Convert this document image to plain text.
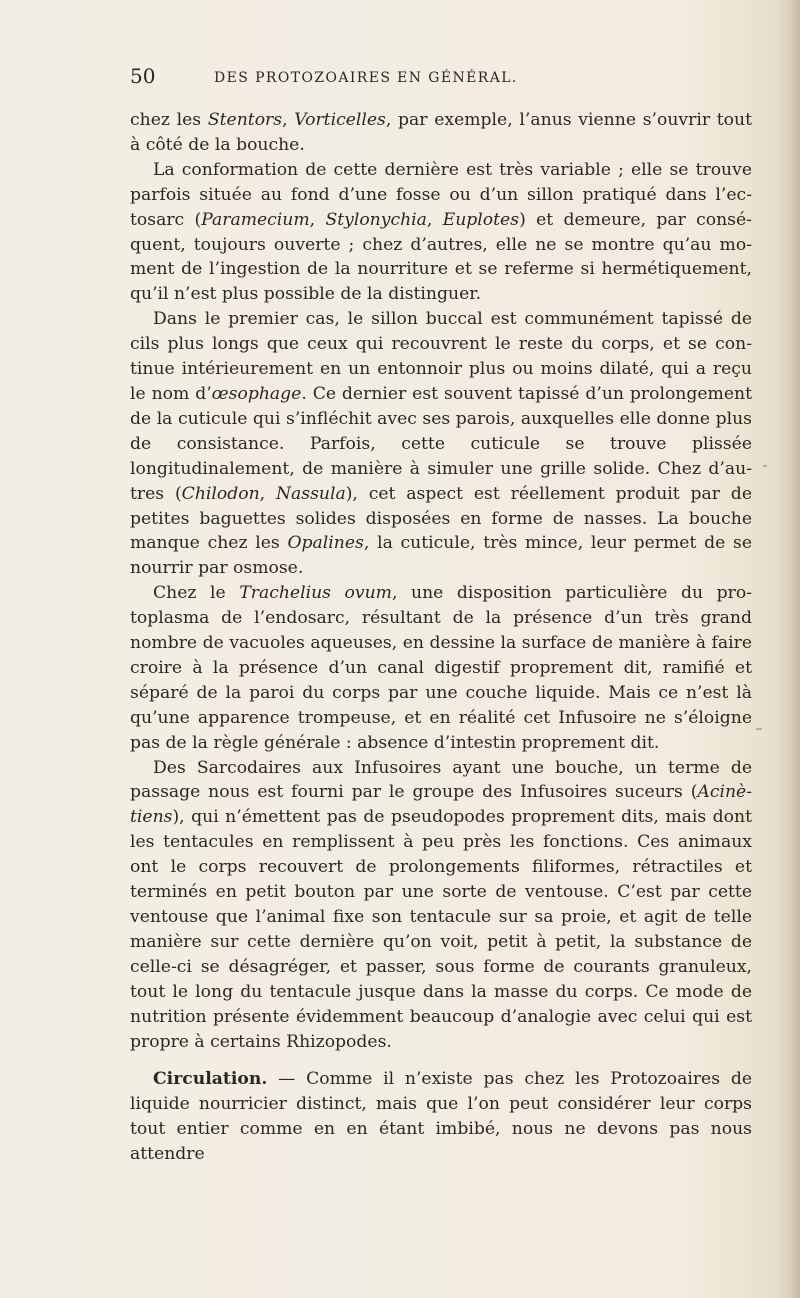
50	DES PROTOZOAIRES EN GÉNÉRAL.

chez les Stentors, Vorticelles, par exemple, l’anus vienne s’ouvrir tout à côté de la bouche.

La conformation de cette dernière est très variable ; elle se trouve parfois située au fond d’une fosse ou d’un sillon pratiqué dans l’ectosarc (Paramecium, Stylonychia, Euplotes) et demeure, par conséquent, toujours ouverte ; chez d’autres, elle ne se montre qu’au moment de l’ingestion de la nourriture et se referme si hermétiquement, qu’il n’est plus possible de la distinguer.

Dans le premier cas, le sillon buccal est communément tapissé de cils plus longs que ceux qui recouvrent le reste du corps, et se continue intérieurement en un entonnoir plus ou moins dilaté, qui a reçu le nom d’œsophage. Ce dernier est souvent tapissé d’un prolongement de la cuticule qui s’infléchit avec ses parois, auxquelles elle donne plus de consistance. Parfois, cette cuticule se trouve plissée longitudinalement, de manière à simuler une grille solide. Chez d’autres (Chilodon, Nassula), cet aspect est réellement produit par de petites baguettes solides disposées en forme de nasses. La bouche manque chez les Opalines, la cuticule, très mince, leur permet de se nourrir par osmose.

Chez le Trachelius ovum, une disposition particulière du protoplasma de l’endosarc, résultant de la présence d’un très grand nombre de vacuoles aqueuses, en dessine la surface de manière à faire croire à la présence d’un canal digestif proprement dit, ramifié et séparé de la paroi du corps par une couche liquide. Mais ce n’est là qu’une apparence trompeuse, et en réalité cet Infusoire ne s’éloigne pas de la règle générale : absence d’intestin proprement dit.

Des Sarcodaires aux Infusoires ayant une bouche, un terme de passage nous est fourni par le groupe des Infusoires suceurs (Acinètiens), qui n’émettent pas de pseudopodes proprement dits, mais dont les tentacules en remplissent à peu près les fonctions. Ces animaux ont le corps recouvert de prolongements filiformes, rétractiles et terminés en petit bouton par une sorte de ventouse. C’est par cette ventouse que l’animal fixe son tentacule sur sa proie, et agit de telle manière sur cette dernière qu’on voit, petit à petit, la substance de celle-ci se désagréger, et passer, sous forme de courants granuleux, tout le long du tentacule jusque dans la masse du corps. Ce mode de nutrition présente évidemment beaucoup d’analogie avec celui qui est propre à certains Rhizopodes.

Circulation. — Comme il n’existe pas chez les Protozoaires de liquide nourricier distinct, mais que l’on peut considérer leur corps tout entier comme en en étant imbibé, nous ne devons pas nous attendre
